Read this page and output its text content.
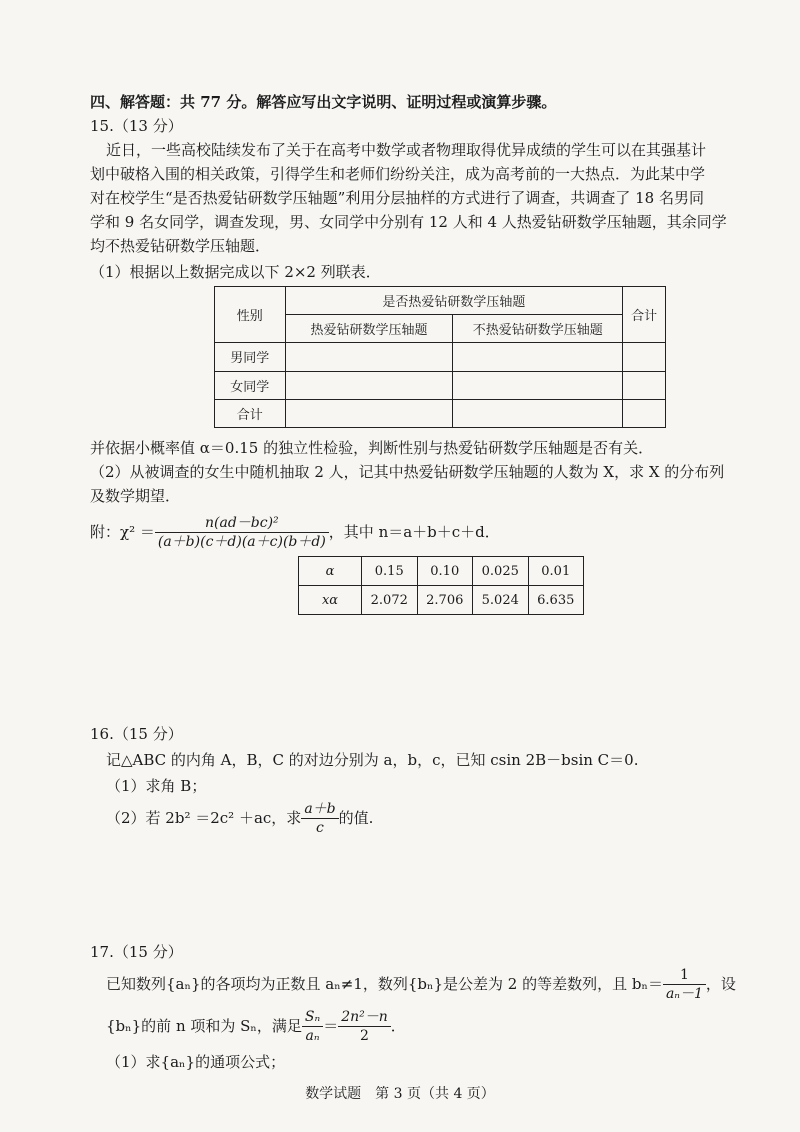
四、解答题：共 77 分。解答应写出文字说明、证明过程或演算步骤。
15.（13 分）
近日，一些高校陆续发布了关于在高考中数学或者物理取得优异成绩的学生可以在其强基计
划中破格入围的相关政策，引得学生和老师们纷纷关注，成为高考前的一大热点．为此某中学
对在校学生“是否热爱钻研数学压轴题”利用分层抽样的方式进行了调查，共调查了 18 名男同
学和 9 名女同学，调查发现，男、女同学中分别有 12 人和 4 人热爱钻研数学压轴题，其余同学
均不热爱钻研数学压轴题．
（1）根据以上数据完成以下 2×2 列联表．
性别	是否热爱钻研数学压轴题		合计
	热爱钻研数学压轴题	不热爱钻研数学压轴题	
男同学			
女同学			
合计			
并依据小概率值 α＝0.15 的独立性检验，判断性别与热爱钻研数学压轴题是否有关．
（2）从被调查的女生中随机抽取 2 人，记其中热爱钻研数学压轴题的人数为 X，求 X 的分布列
及数学期望．
附：$\chi^2 = \frac{\text{n(ad－bc)²}}{(a+b)(c+d)(a+c)(b+d)}$ ，其中 n＝a＋b＋c＋d．
α	0.15	0.10	0.025	0.01
xα	2.072	2.706	5.024	6.635
16.（15 分）
记△ABC 的内角 A，B，C 的对边分别为 a，b，c，已知 csin 2B－bsin C＝0.
（1）求角 B；
（2）若 2b² ＝2c² ＋ac，求 $\frac{a+b}{c}$ 的值.
17.（15 分）
已知数列{aₙ}的各项均为正数且 aₙ≠1，数列{bₙ}是公差为 2 的等差数列，且 $b_n= \frac{1}{\text{aₙ－1}}$ ，设
{bₙ}的前 n 项和为 Sₙ，满足 $\frac{\text{Sₙ}}{\text{aₙ}} = \frac{\text{2n²－n}}{2}$ ．
（1）求{aₙ}的通项公式；
数学试题　第 3 页（共 4 页）
